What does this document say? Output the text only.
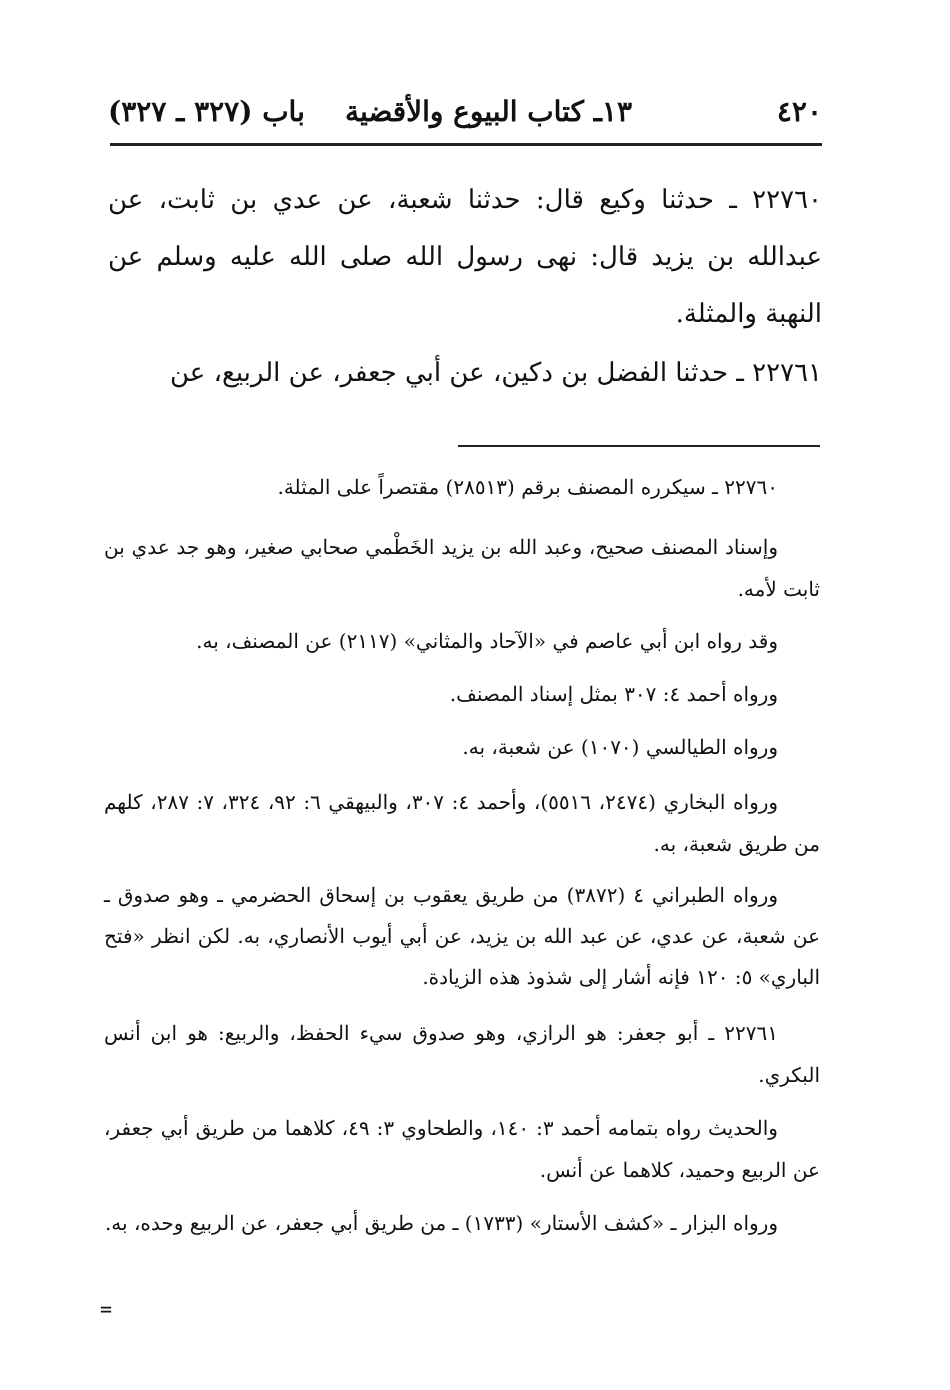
٤٢٠
١٣ـ كتاب البيوع والأقضية
باب (٣٢٧ ـ ٣٢٧)
٢٢٧٦٠ ـ حدثنا وكيع قال: حدثنا شعبة، عن عدي بن ثابت، عن عبدالله بن يزيد قال: نهى رسول الله صلى الله عليه وسلم عن النهبة والمثلة.
٢٢٧٦١ ـ حدثنا الفضل بن دكين، عن أبي جعفر، عن الربيع، عن
٢٢٧٦٠ ـ سيكرره المصنف برقم (٢٨٥١٣) مقتصراً على المثلة.
وإسناد المصنف صحيح، وعبد الله بن يزيد الخَطْمي صحابي صغير، وهو جد عدي بن ثابت لأمه.
وقد رواه ابن أبي عاصم في «الآحاد والمثاني» (٢١١٧) عن المصنف، به.
ورواه أحمد ٤: ٣٠٧ بمثل إسناد المصنف.
ورواه الطيالسي (١٠٧٠) عن شعبة، به.
ورواه البخاري (٢٤٧٤، ٥٥١٦)، وأحمد ٤: ٣٠٧، والبيهقي ٦: ٩٢، ٣٢٤، ٧: ٢٨٧، كلهم من طريق شعبة، به.
ورواه الطبراني ٤ (٣٨٧٢) من طريق يعقوب بن إسحاق الحضرمي ـ وهو صدوق ـ عن شعبة، عن عدي، عن عبد الله بن يزيد، عن أبي أيوب الأنصاري، به. لكن انظر «فتح الباري» ٥: ١٢٠ فإنه أشار إلى شذوذ هذه الزيادة.
٢٢٧٦١ ـ أبو جعفر: هو الرازي، وهو صدوق سيء الحفظ، والربيع: هو ابن أنس البكري.
والحديث رواه بتمامه أحمد ٣: ١٤٠، والطحاوي ٣: ٤٩، كلاهما من طريق أبي جعفر، عن الربيع وحميد، كلاهما عن أنس.
ورواه البزار ـ «كشف الأستار» (١٧٣٣) ـ من طريق أبي جعفر، عن الربيع وحده، به.
=
